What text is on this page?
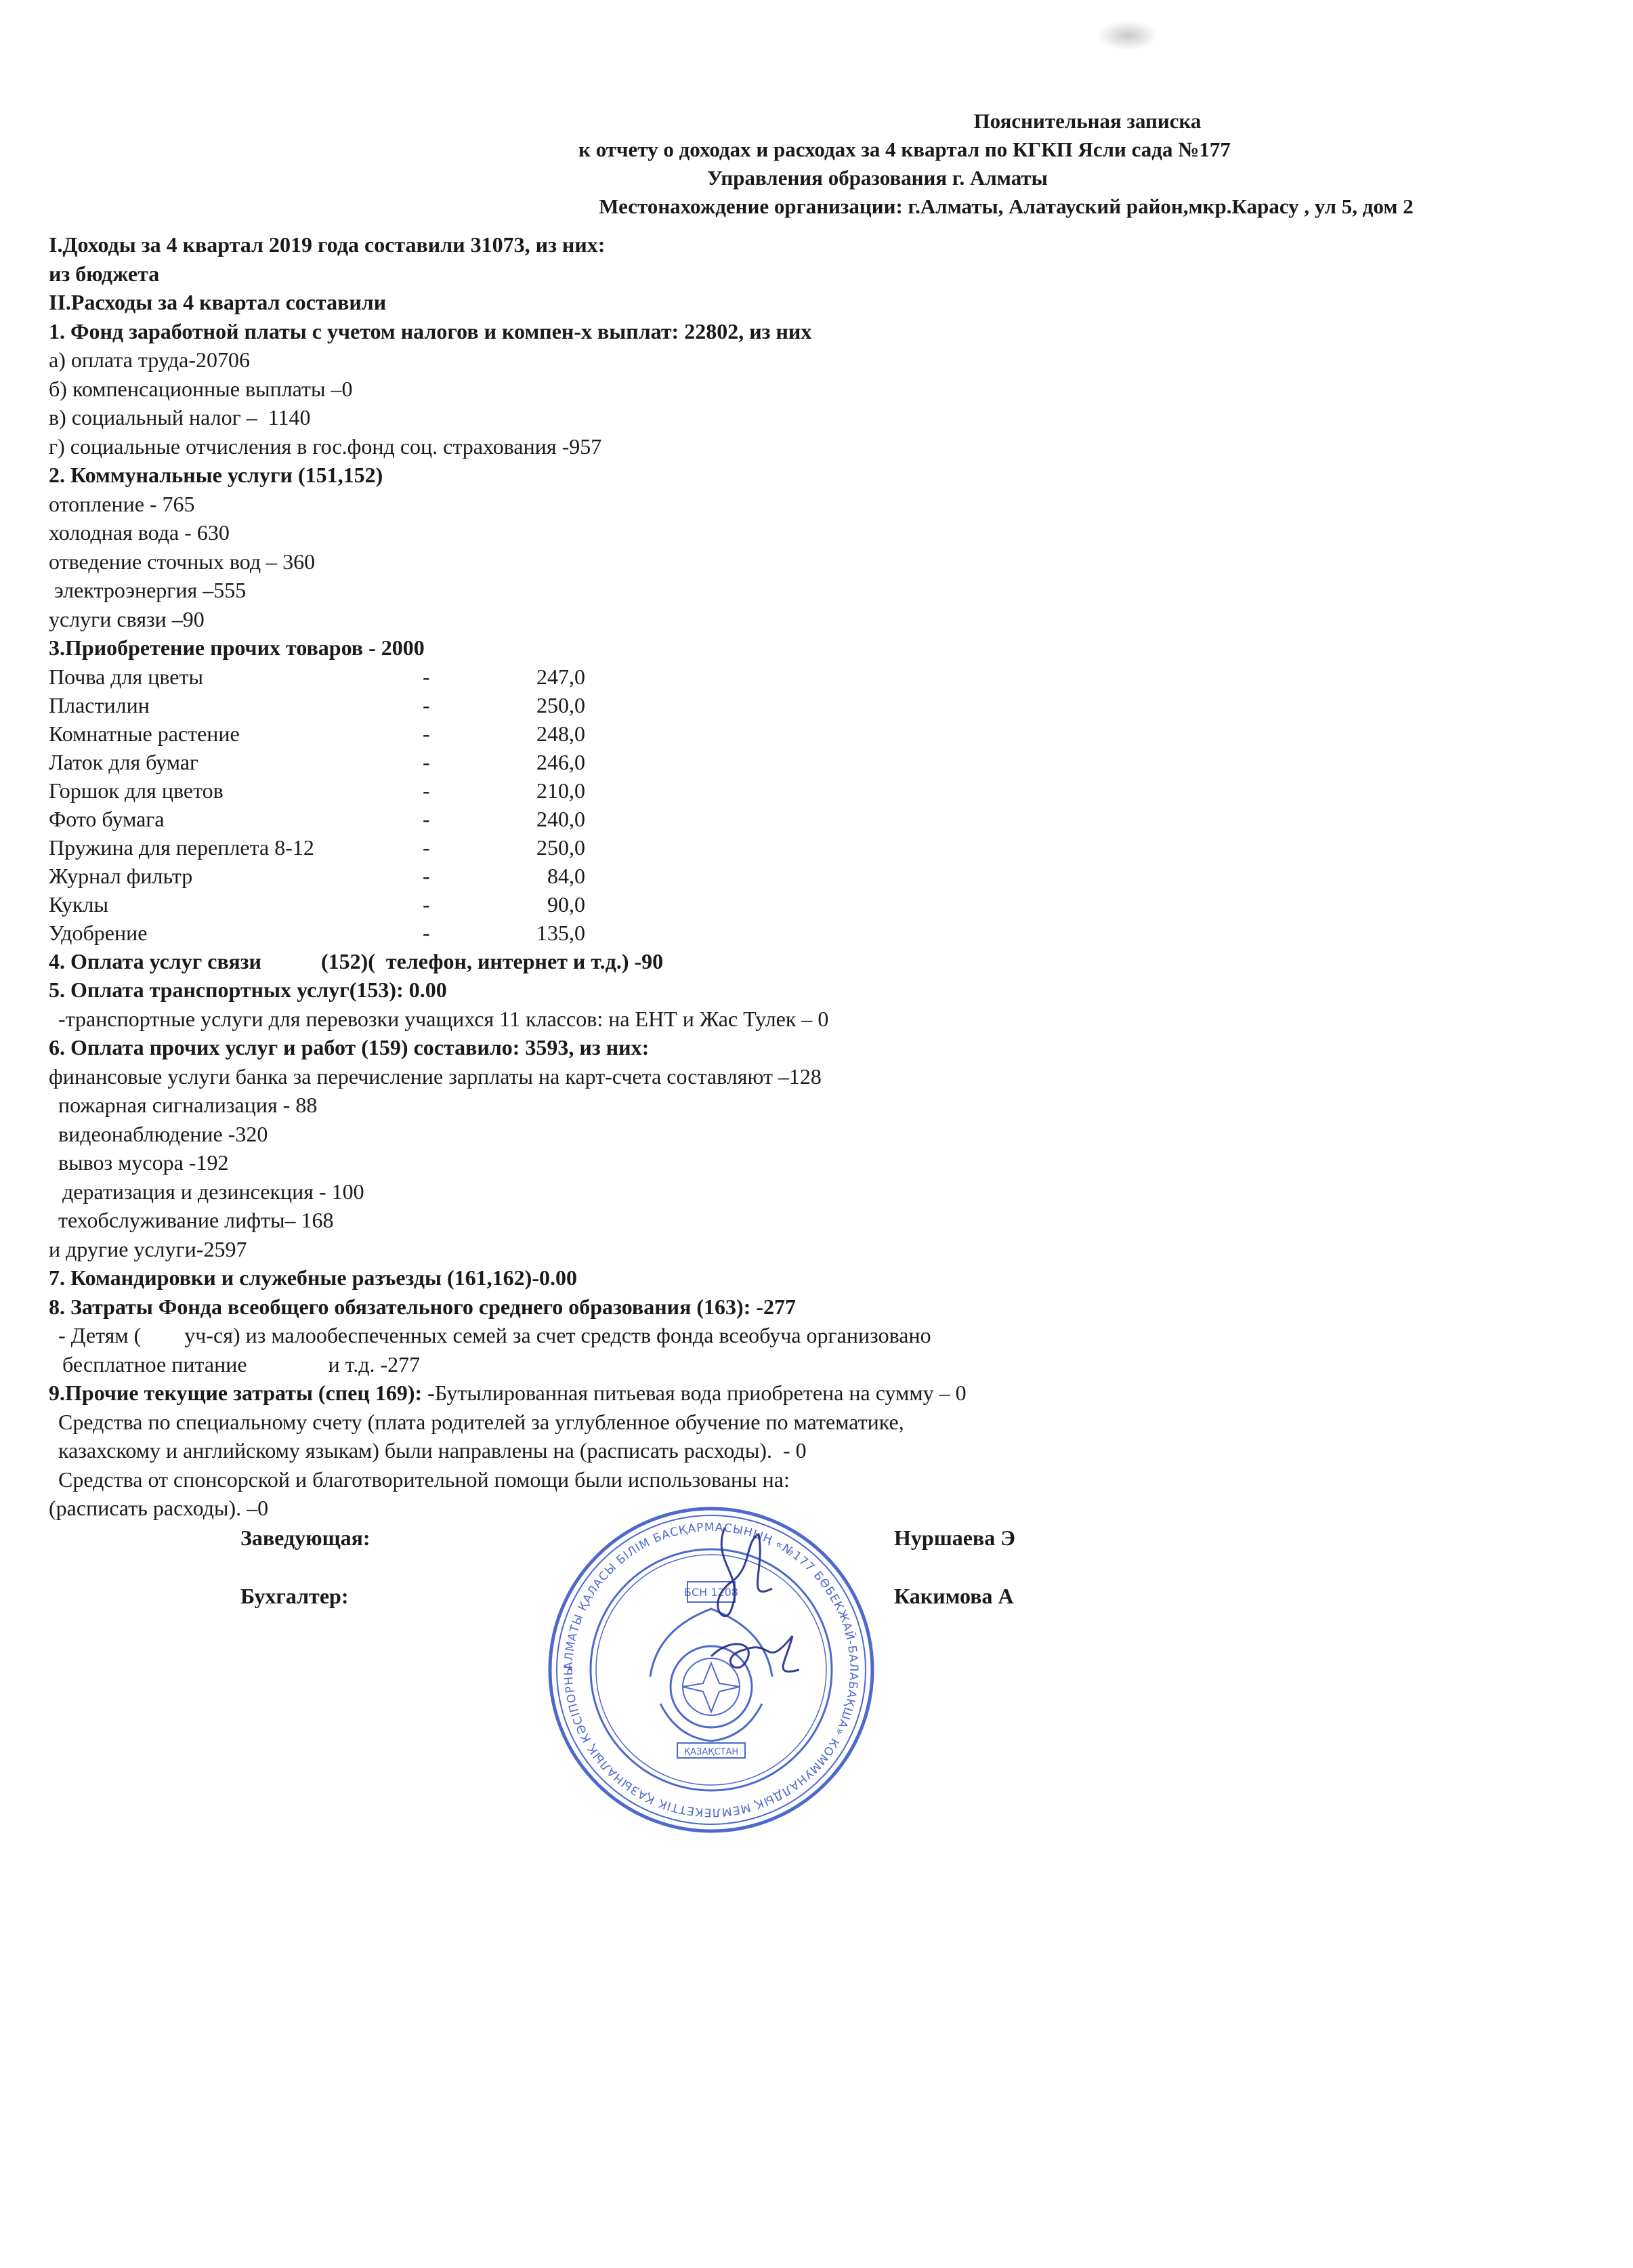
Пояснительная записка
к отчету о доходах и расходах за 4 квартал по КГКП Ясли сада №177
Управления образования г. Алматы
Местонахождение организации: г.Алматы, Алатауский район,мкр.Карасу , ул 5, дом 2
I.Доходы за 4 квартал 2019 года составили 31073, из них:
из бюджета
II.Расходы за 4 квартал составили
1. Фонд заработной платы с учетом налогов и компен-х выплат: 22802, из них
а) оплата труда-20706
б) компенсационные выплаты –0
в) социальный налог –  1140
г) социальные отчисления в гос.фонд соц. страхования -957
2. Коммунальные услуги (151,152)
отопление - 765
холодная вода - 630
отведение сточных вод – 360
электроэнергия –555
услуги связи –90
3.Приобретение прочих товаров - 2000
Почва для цветы	-	247,0
Пластилин	-	250,0
Комнатные растение	-	248,0
Латок для бумаг	-	246,0
Горшок для цветов	-	210,0
Фото бумага	-	240,0
Пружина для переплета 8-12	-	250,0
Журнал фильтр	-	84,0
Куклы	-	90,0
Удобрение	-	135,0
4. Оплата услуг связи           (152)(  телефон, интернет и т.д.) -90
5. Оплата транспортных услуг(153): 0.00
-транспортные услуги для перевозки учащихся 11 классов: на ЕНТ и Жас Тулек – 0
6. Оплата прочих услуг и работ (159) составило: 3593, из них:
финансовые услуги банка за перечисление зарплаты на карт-счета составляют –128
пожарная сигнализация - 88
видеонаблюдение -320
вывоз мусора -192
дератизация и дезинсекция - 100
техобслуживание лифты– 168
и другие услуги-2597
7. Командировки и служебные разъезды (161,162)-0.00
8. Затраты Фонда всеобщего обязательного среднего образования (163): -277
- Детям (        уч-ся) из малообеспеченных семей за счет средств фонда всеобуча организовано
бесплатное питание               и т.д. -277
9.Прочие текущие затраты (спец 169): -Бутылированная питьевая вода приобретена на сумму – 0
Средства по специальному счету (плата родителей за углубленное обучение по математике,
казахскому и английскому языкам) были направлены на (расписать расходы).  - 0
Средства от спонсорской и благотворительной помощи были использованы на:
(расписать расходы). –0
Заведующая:	Нуршаева Э
Бухгалтер:	Какимова А
АЛМАТЫ ҚАЛАСЫ БІЛІМ БАСҚАРМАСЫНЫҢ «№177 БӨБЕКЖАЙ-БАЛАБАҚША» КОММУНАЛДЫҚ МЕМЛЕКЕТТІК ҚАЗЫНАЛЫҚ КӘСІПОРНЫ
БСН 1208
ҚАЗАҚСТАН
